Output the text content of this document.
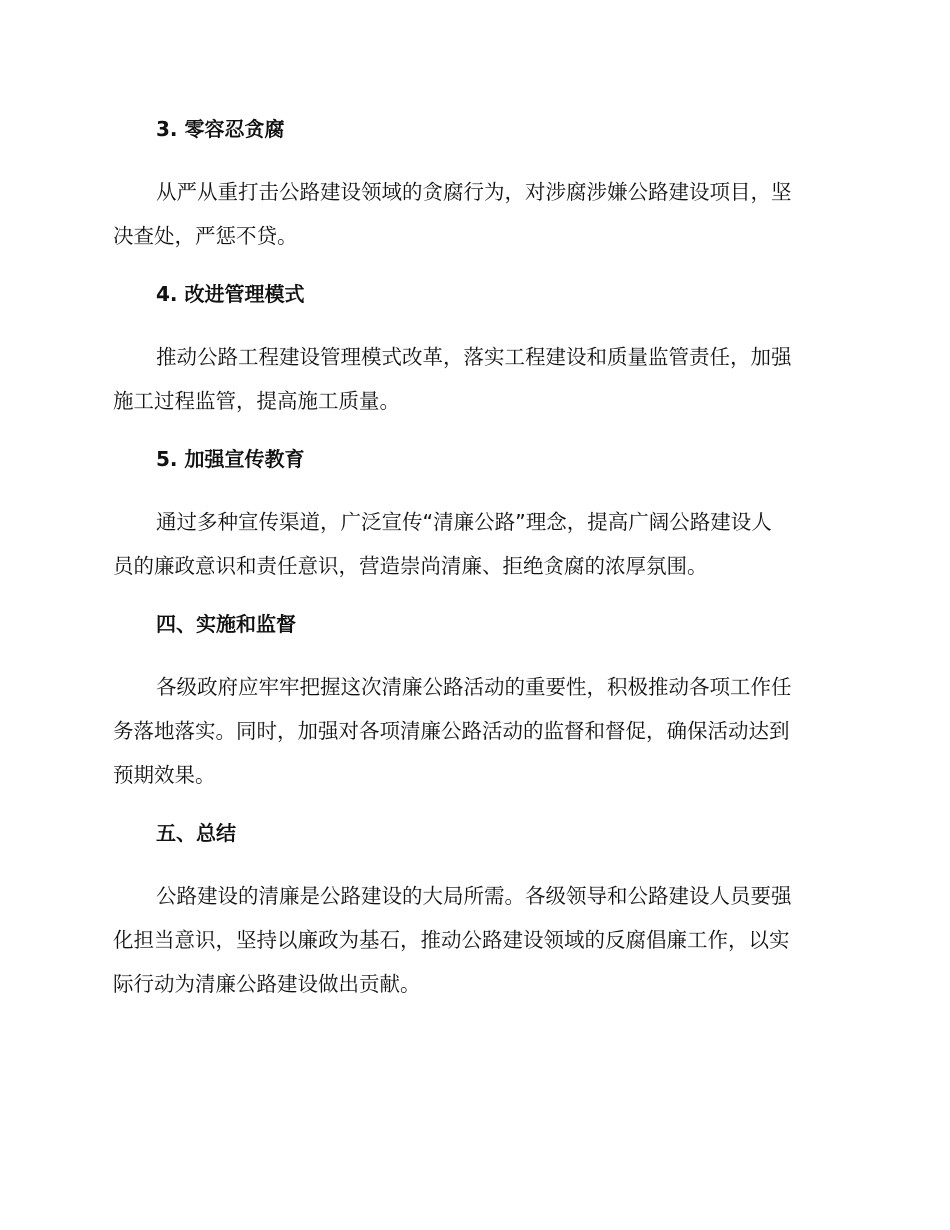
3. 零容忍贪腐
从严从重打击公路建设领域的贪腐行为，对涉腐涉嫌公路建设项目，坚
决查处，严惩不贷。
4. 改进管理模式
推动公路工程建设管理模式改革，落实工程建设和质量监管责任，加强
施工过程监管，提高施工质量。
5. 加强宣传教育
通过多种宣传渠道，广泛宣传“清廉公路”理念，提高广阔公路建设人
员的廉政意识和责任意识，营造崇尚清廉、拒绝贪腐的浓厚氛围。
四、实施和监督
各级政府应牢牢把握这次清廉公路活动的重要性，积极推动各项工作任
务落地落实。同时，加强对各项清廉公路活动的监督和督促，确保活动达到
预期效果。
五、总结
公路建设的清廉是公路建设的大局所需。各级领导和公路建设人员要强
化担当意识，坚持以廉政为基石，推动公路建设领域的反腐倡廉工作，以实
际行动为清廉公路建设做出贡献。
